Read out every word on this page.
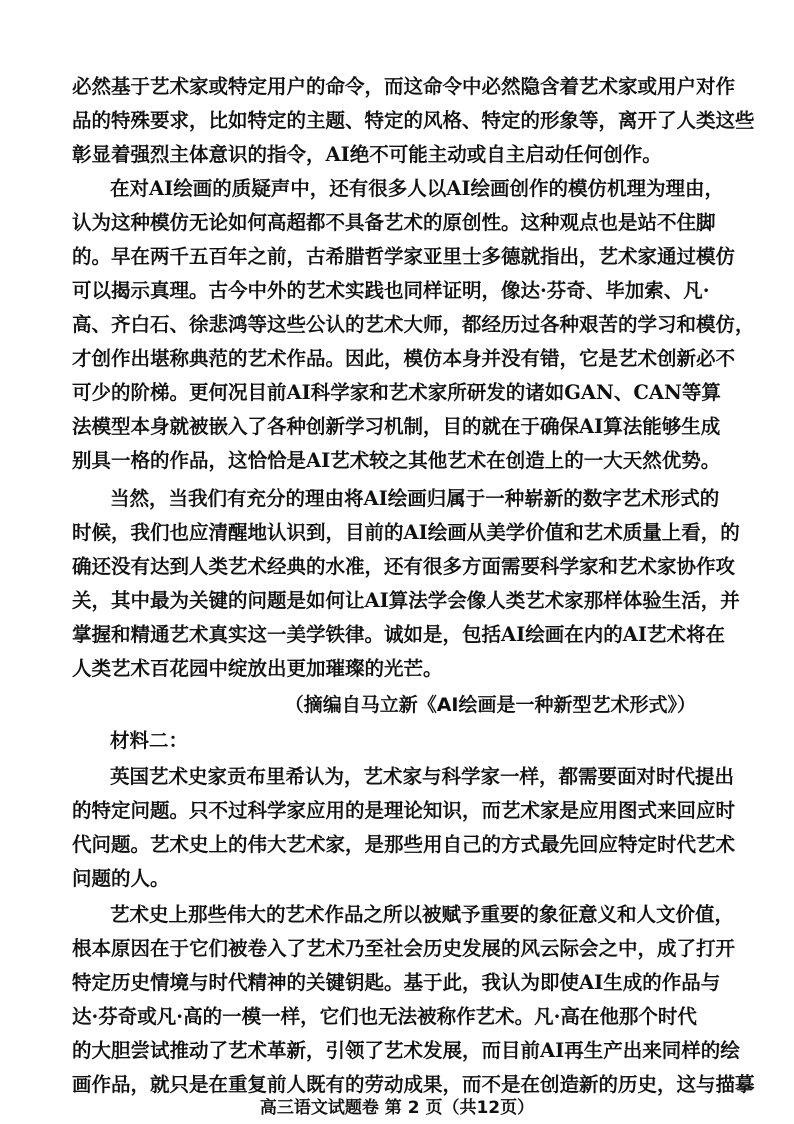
必然基于艺术家或特定用户的命令，而这命令中必然隐含着艺术家或用户对作
品的特殊要求，比如特定的主题、特定的风格、特定的形象等，离开了人类这些
彰显着强烈主体意识的指令，AI绝不可能主动或自主启动任何创作。
在对AI绘画的质疑声中，还有很多人以AI绘画创作的模仿机理为理由，
认为这种模仿无论如何高超都不具备艺术的原创性。这种观点也是站不住脚
的。早在两千五百年之前，古希腊哲学家亚里士多德就指出，艺术家通过模仿
可以揭示真理。古今中外的艺术实践也同样证明，像达·芬奇、毕加索、凡·
高、齐白石、徐悲鸿等这些公认的艺术大师，都经历过各种艰苦的学习和模仿，
才创作出堪称典范的艺术作品。因此，模仿本身并没有错，它是艺术创新必不
可少的阶梯。更何况目前AI科学家和艺术家所研发的诸如GAN、CAN等算
法模型本身就被嵌入了各种创新学习机制，目的就在于确保AI算法能够生成
别具一格的作品，这恰恰是AI艺术较之其他艺术在创造上的一大天然优势。
当然，当我们有充分的理由将AI绘画归属于一种崭新的数字艺术形式的
时候，我们也应清醒地认识到，目前的AI绘画从美学价值和艺术质量上看，的
确还没有达到人类艺术经典的水准，还有很多方面需要科学家和艺术家协作攻
关，其中最为关键的问题是如何让AI算法学会像人类艺术家那样体验生活，并
掌握和精通艺术真实这一美学铁律。诚如是，包括AI绘画在内的AI艺术将在
人类艺术百花园中绽放出更加璀璨的光芒。
（摘编自马立新《AI绘画是一种新型艺术形式》）
材料二：
英国艺术史家贡布里希认为，艺术家与科学家一样，都需要面对时代提出
的特定问题。只不过科学家应用的是理论知识，而艺术家是应用图式来回应时
代问题。艺术史上的伟大艺术家，是那些用自己的方式最先回应特定时代艺术
问题的人。
艺术史上那些伟大的艺术作品之所以被赋予重要的象征意义和人文价值，
根本原因在于它们被卷入了艺术乃至社会历史发展的风云际会之中，成了打开
特定历史情境与时代精神的关键钥匙。基于此，我认为即使AI生成的作品与
达·芬奇或凡·高的一模一样，它们也无法被称作艺术。凡·高在他那个时代
的大胆尝试推动了艺术革新，引领了艺术发展，而目前AI再生产出来同样的绘
画作品，就只是在重复前人既有的劳动成果，而不是在创造新的历史，这与描摹
高三语文试题卷 第 2 页（共12页）
